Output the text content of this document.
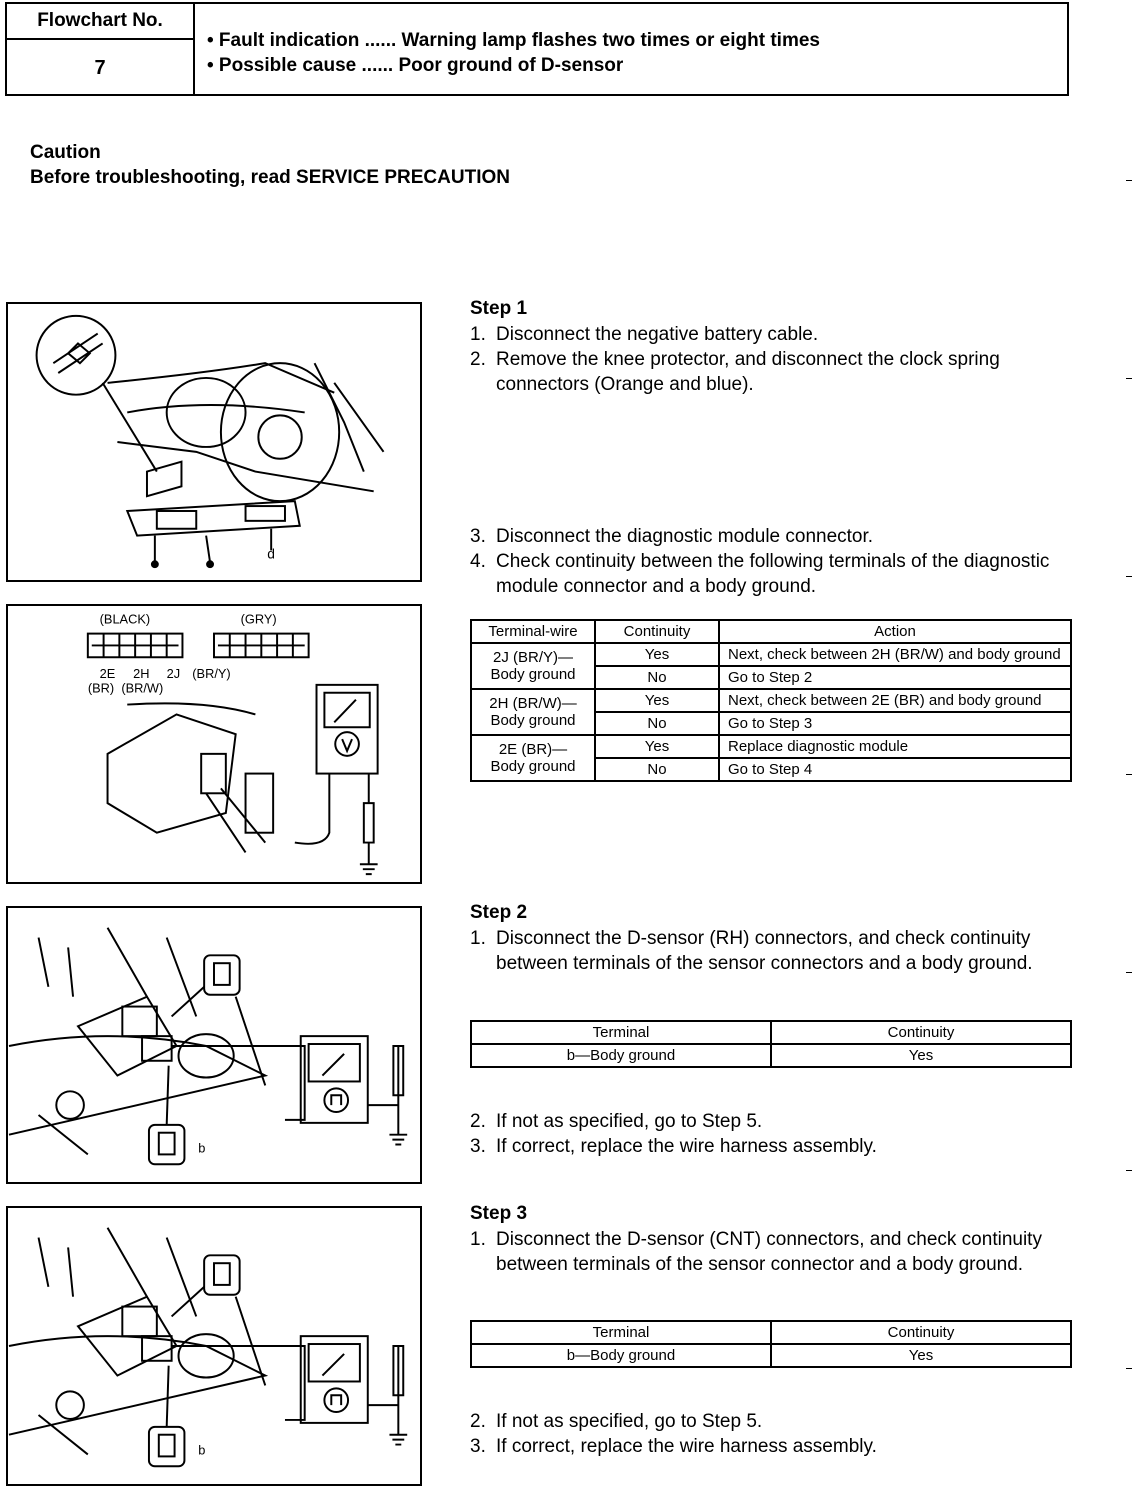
Flowchart No.
7
• Fault indication ...... Warning lamp flashes two times or eight times
• Possible cause ...... Poor ground of D-sensor
Caution
Before troubleshooting, read SERVICE PRECAUTION
d
(BLACK)	(GRY)
2E 2H 2J (BR/Y)
(BR) (BR/W)
b
b
Step 1
1. Disconnect the negative battery cable.
2. Remove the knee protector, and disconnect the clock spring connectors (Orange and blue).
3. Disconnect the diagnostic module connector.
4. Check continuity between the following terminals of the diagnostic module connector and a body ground.
Terminal-wire	Continuity	Action
2J (BR/Y)—
Body ground	Yes	Next, check between 2H (BR/W) and body ground
	No	Go to Step 2
2H (BR/W)—
Body ground	Yes	Next, check between 2E (BR) and body ground
	No	Go to Step 3
2E (BR)—
Body ground	Yes	Replace diagnostic module
	No	Go to Step 4
Step 2
1. Disconnect the D-sensor (RH) connectors, and check continuity between terminals of the sensor connectors and a body ground.
Terminal	Continuity
b—Body ground	Yes
2. If not as specified, go to Step 5.
3. If correct, replace the wire harness assembly.
Step 3
1. Disconnect the D-sensor (CNT) connectors, and check continuity between terminals of the sensor connector and a body ground.
Terminal	Continuity
b—Body ground	Yes
2. If not as specified, go to Step 5.
3. If correct, replace the wire harness assembly.
